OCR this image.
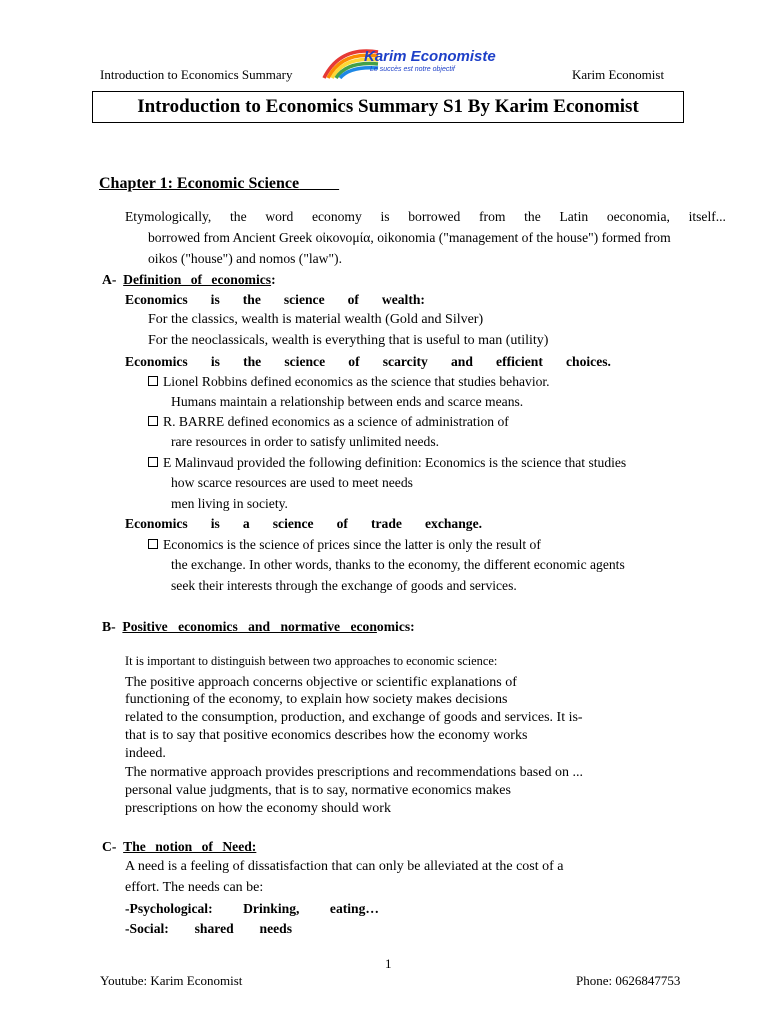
Introduction to Economics Summary
Karim Economiste
Le succès est notre objectif	Karim Economist
Introduction to Economics Summary S1 By Karim Economist
Chapter 1: Economic Science
Etymologically, the word economy is borrowed from the Latin oeconomia, itself...
borrowed from Ancient Greek οἰκονομία, oikonomia ("management of the house") formed from
oikos ("house") and nomos ("law").
A- Definition of economics:
Economics is the science of wealth:
For the classics, wealth is material wealth (Gold and Silver)
For the neoclassicals, wealth is everything that is useful to man (utility)
Economics is the science of scarcity and efficient choices.
Lionel Robbins defined economics as the science that studies behavior.
Humans maintain a relationship between ends and scarce means.
R. BARRE defined economics as a science of administration of
rare resources in order to satisfy unlimited needs.
E Malinvaud provided the following definition: Economics is the science that studies
how scarce resources are used to meet needs
men living in society.
Economics is a science of trade exchange.
Economics is the science of prices since the latter is only the result of
the exchange. In other words, thanks to the economy, the different economic agents
seek their interests through the exchange of goods and services.
B- Positive economics and normative economics:
It is important to distinguish between two approaches to economic science:
The positive approach concerns objective or scientific explanations of
functioning of the economy, to explain how society makes decisions
related to the consumption, production, and exchange of goods and services. It is-
that is to say that positive economics describes how the economy works
indeed.
The normative approach provides prescriptions and recommendations based on ...
personal value judgments, that is to say, normative economics makes
prescriptions on how the economy should work
C- The notion of Need:
A need is a feeling of dissatisfaction that can only be alleviated at the cost of a
effort. The needs can be:
-Psychological: Drinking, eating…
-Social: shared needs
1
Youtube: Karim Economist	Phone: 0626847753
